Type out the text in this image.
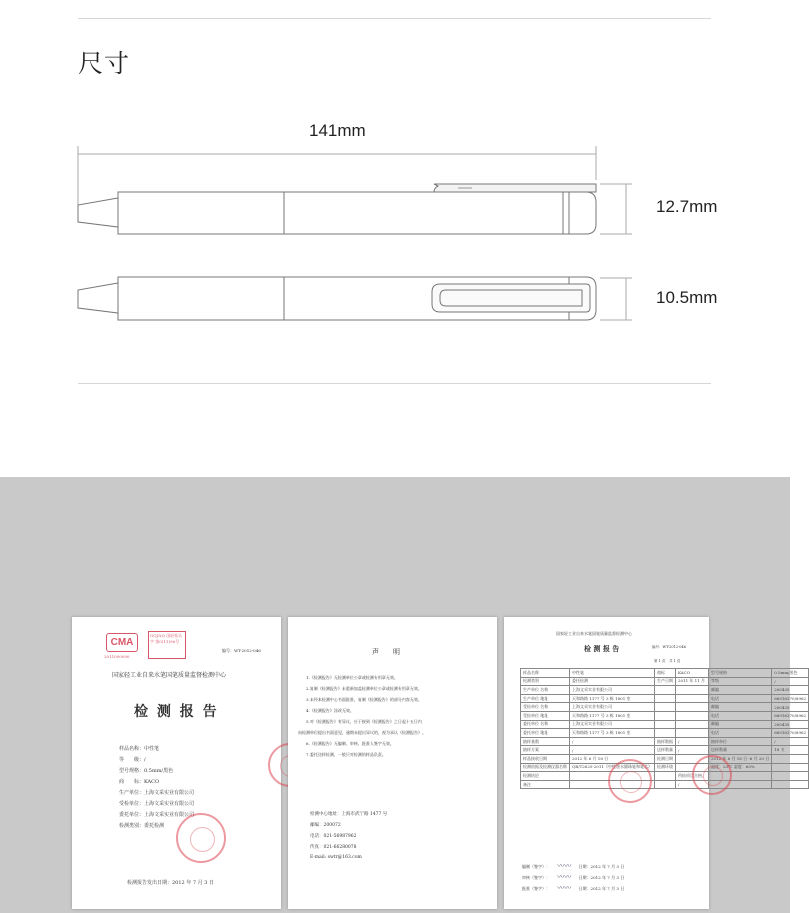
尺寸
141mm
12.7mm
10.5mm
CMA
2011000090
GQJ&Q 国轻检认字 第0(11)96号
编号：WT-2012-046
国家轻工业自来水笔国笔质量监督检测中心
检 测 报 告
样品名称：中性笔
等　　级：/
型号规格：0.5mm/黑色
商　　标：KACO
生产单位：上海文采实业有限公司
受检单位：上海文采实业有限公司
委托单位：上海文采实业有限公司
检测类别：委托检测
检测报告发出日期：2012 年 7 月 3 日
声　　明
1.《检测报告》无检测单位公章或检测专用章无效。
2.复制《检测报告》未重新加盖检测单位公章或检测专用章无效。
3.未经本检测中心书面批准，复制《检测报告》的部分内容无效。
4.《检测报告》涂改无效。
5.对《检测报告》有异议，应于接到《检测报告》之日起十五日内
向检测单位提出书面意见，逾期未提出异议的，视为承认《检测报告》。
6.《检测报告》无编制、审核、批准人签字无效。
7.委托送样检测，一般只对检测的样品负责。
检测中心地址：上海市武宁路 1477 号
邮编：200072
电话：021-56987962
传真：021-66280078
E-mail: swtr@163.com
国家轻工业自来水笔国笔质量监督检测中心
编号：WT-2012-046
检 测 报 告
第 1 页　共 1 页
样品名称	中性笔	商标	KACO	型号规格	0.5mm/黑色
检测类别	委托检测	生产日期	2011 年 11 月	等级	/
生产单位 名称	上海文采实业有限公司			邮编	200435
生产单位 地址	天和路路 1177 号 3 栋 1801 室			电话	66916370/8962
受检单位 名称	上海文采实业有限公司			邮编	200435
受检单位 地址	天和路路 1177 号 3 栋 1801 室			电话	66916370/8962
委托单位 名称	上海文采实业有限公司			邮编	200435
委托单位 地址	天和路路 1177 号 3 栋 1801 室			电话	66916370/8962
抽样基数	/	抽样数据	/	抽样单位	/
抽样方案	/	送样数量	/	送样数量	18 支
样品接收日期	2012 年 6 月 18 日	检测日期		2012 年 6 月 18 日 -6 月 20 日	
检测依据及检测仪器名称	QB/T2625-2011《中性墨水圆珠笔和笔芯》	检测环境		温度：23℃ 湿度：60%	
检测结论			所检项目合格。		
备注			/		
编制（签字）： 〰〰 日期：2012 年 7 月 3 日
审核（签字）： 〰〰 日期：2012 年 7 月 3 日
批准（签字）： 〰〰 日期：2012 年 7 月 3 日
